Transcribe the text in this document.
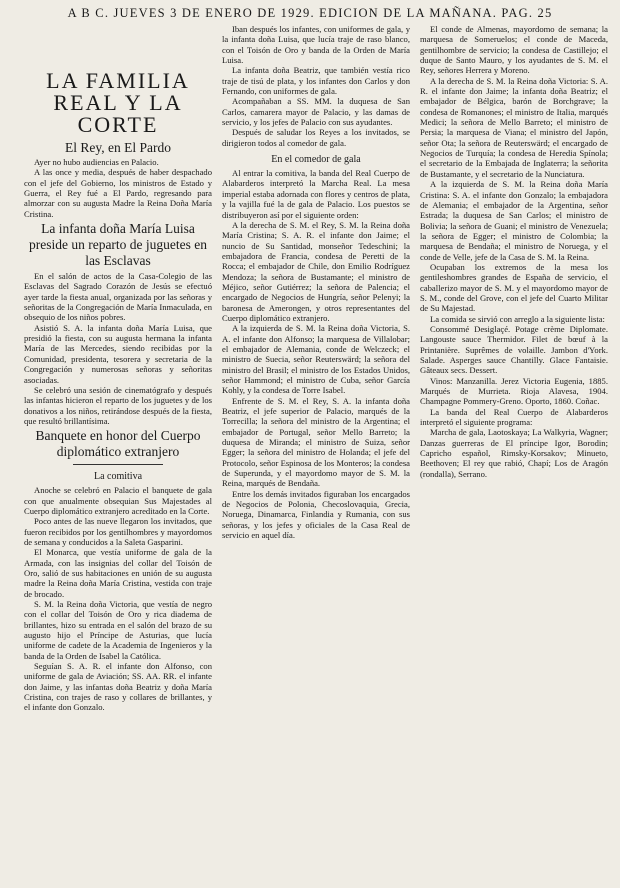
A B C. JUEVES 3 DE ENERO DE 1929. EDICION DE LA MAÑANA. PAG. 25
LA FAMILIA REAL Y LA CORTE
El Rey, en El Pardo

Ayer no hubo audiencias en Palacio.

A las once y media, después de haber despachado con el jefe del Gobierno, los ministros de Estado y Guerra, el Rey fué a El Pardo, regresando para almorzar con su augusta Madre la Reina Doña María Cristina.

La infanta doña María Luisa preside un reparto de juguetes en las Esclavas

En el salón de actos de la Casa-Colegio de las Esclavas del Sagrado Corazón de Jesús se efectuó ayer tarde la fiesta anual, organizada por las señoras y señoritas de la Congregación de María Inmaculada, en obsequio de los niños pobres.

Asistió S. A. la infanta doña María Luisa, que presidió la fiesta, con su augusta hermana la infanta María de las Mercedes, siendo recibidas por la Comunidad, presidenta, tesorera y secretaria de la Congregación y numerosas señoras y señoritas asociadas.

Se celebró una sesión de cinematógrafo y después las infantas hicieron el reparto de los juguetes y de los donativos a los niños, retirándose después de la fiesta, que resultó brillantísima.

Banquete en honor del Cuerpo diplomático extranjero
La comitiva

Anoche se celebró en Palacio el banquete de gala con que anualmente obsequian Sus Majestades al Cuerpo diplomático extranjero acreditado en la Corte.

Poco antes de las nueve llegaron los invitados, que fueron recibidos por los gentilhombres y mayordomos de semana y conducidos a la Saleta Gasparini.

El Monarca, que vestía uniforme de gala de la Armada, con las insignias del collar del Toisón de Oro, salió de sus habitaciones en unión de su augusta madre la Reina doña María Cristina, vestida con traje de brocado.

S. M. la Reina doña Victoria, que vestía de negro con el collar del Toisón de Oro y rica diadema de brillantes, hizo su entrada en el salón del brazo de su augusto hijo el Príncipe de Asturias, que lucía uniforme de cadete de la Academia de Ingenieros y la banda de la Orden de Isabel la Católica.

Seguían S. A. R. el infante don Alfonso, con uniforme de gala de Aviación; SS. AA. RR. el infante don Jaime, y las infantas doña Beatriz y doña María Cristina, con trajes de raso y collares de brillantes, y el infante don Gonzalo.

Iban después los infantes, con uniformes de gala, y la infanta doña Luisa, que lucía traje de raso blanco, con el Toisón de Oro y banda de la Orden de María Luisa.

La infanta doña Beatriz, que también vestía rico traje de tisú de plata, y los infantes don Carlos y don Fernando, con uniformes de gala.

Acompañaban a SS. MM. la duquesa de San Carlos, camarera mayor de Palacio, y las damas de servicio, y los jefes de Palacio con sus ayudantes.

Después de saludar los Reyes a los invitados, se dirigieron todos al comedor de gala.

En el comedor de gala

Al entrar la comitiva, la banda del Real Cuerpo de Alabarderos interpretó la Marcha Real. La mesa imperial estaba adornada con flores y centros de plata, y la vajilla fué la de gala de Palacio. Los puestos se distribuyeron así por el siguiente orden:

A la derecha de S. M. el Rey, S. M. la Reina doña María Cristina; S. A. R. el infante don Jaime; el nuncio de Su Santidad, monseñor Tedeschini; la embajadora de Francia, condesa de Peretti de la Rocca; el embajador de Chile, don Emilio Rodríguez Mendoza; la señora de Bustamante; el ministro de Méjico, señor Gutiérrez; la señora de Palencia; el encargado de Negocios de Hungría, señor Pelenyi; la baronesa de Amerongen, y otros representantes del Cuerpo diplomático extranjero.

A la izquierda de S. M. la Reina doña Victoria, S. A. el infante don Alfonso; la marquesa de Villalobar; el embajador de Alemania, conde de Welczeck; el ministro de Suecia, señor Reuterswärd; la señora del ministro del Brasil; el ministro de los Estados Unidos, señor Hammond; el ministro de Cuba, señor García Kohly, y la condesa de Torre Isabel.

Enfrente de S. M. el Rey, S. A. la infanta doña Beatriz, el jefe superior de Palacio, marqués de la Torrecilla; la señora del ministro de la Argentina; el embajador de Portugal, señor Mello Barreto; la duquesa de Miranda; el ministro de Suiza, señor Egger; la señora del ministro de Holanda; el jefe del Protocolo, señor Espinosa de los Monteros; la condesa de Superunda, y el mayordomo mayor de S. M. la Reina, marqués de Bendaña.

Entre los demás invitados figuraban los encargados de Negocios de Polonia, Checoslovaquia, Grecia, Noruega, Dinamarca, Finlandia y Rumania, con sus señoras, y los jefes y oficiales de la Casa Real de servicio en aquel día.

El conde de Almenas, mayordomo de semana; la marquesa de Someruelos; el conde de Maceda, gentilhombre de servicio; la condesa de Castillejo; el duque de Santo Mauro, y los ayudantes de S. M. el Rey, señores Herrera y Moreno.

A la derecha de S. M. la Reina doña Victoria: S. A. R. el infante don Jaime; la infanta doña Beatriz; el embajador de Bélgica, barón de Borchgrave; la condesa de Romanones; el ministro de Italia, marqués Medici; la señora de Mello Barreto; el ministro de Persia; la marquesa de Viana; el ministro del Japón, señor Ota; la señora de Reuterswärd; el encargado de Negocios de Turquía; la condesa de Heredia Spínola; el secretario de la Embajada de Inglaterra; la señorita de Bustamante, y el secretario de la Nunciatura.

A la izquierda de S. M. la Reina doña María Cristina: S. A. el infante don Gonzalo; la embajadora de Alemania; el embajador de la Argentina, señor Estrada; la duquesa de San Carlos; el ministro de Bolivia; la señora de Guani; el ministro de Venezuela; la señora de Egger; el ministro de Colombia; la marquesa de Bendaña; el ministro de Noruega, y el conde de Velle, jefe de la Casa de S. M. la Reina.

Ocupaban los extremos de la mesa los gentileshombres grandes de España de servicio, el caballerizo mayor de S. M. y el mayordomo mayor de S. M., conde del Grove, con el jefe del Cuarto Militar de Su Majestad.

La comida se sirvió con arreglo a la siguiente lista:

Consommé Desiglaçé. Potage crème Diplomate. Langouste sauce Thermidor. Filet de bœuf à la Printanière. Suprêmes de volaille. Jambon d'York. Salade. Asperges sauce Chantilly. Glace Fantaisie. Gâteaux secs. Dessert.

Vinos: Manzanilla. Jerez Victoria Eugenia, 1885. Marqués de Murrieta. Rioja Alavesa, 1904. Champagne Pommery-Greno. Oporto, 1860. Coñac.

La banda del Real Cuerpo de Alabarderos interpretó el siguiente programa:

Marcha de gala, Laotoskaya; La Walkyria, Wagner; Danzas guerreras de El príncipe Igor, Borodin; Capricho español, Rimsky-Korsakov; Minueto, Beethoven; El rey que rabió, Chapí; Los de Aragón (rondalla), Serrano.
